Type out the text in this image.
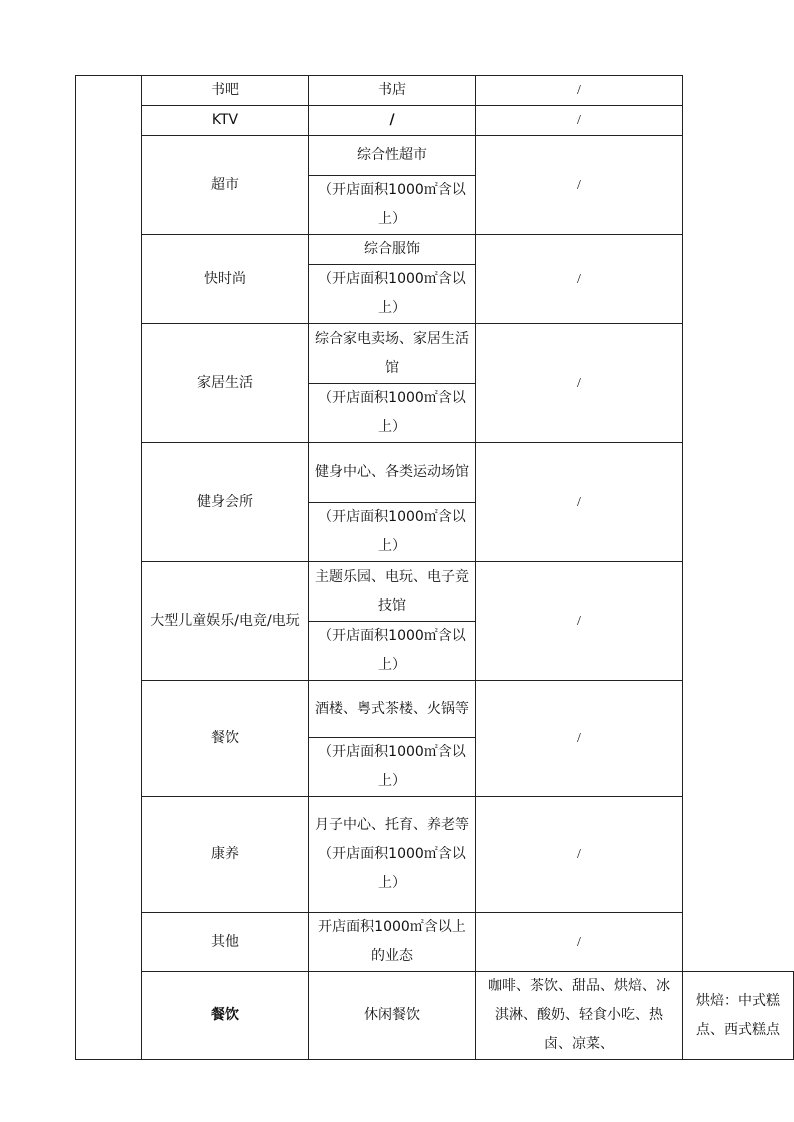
	书吧	书店	/	
	KTV	/	/	
	超市	综合性超市	/	
		（开店面积1000㎡含以上）		
	快时尚	综合服饰	/	
		（开店面积1000㎡含以上）		
	家居生活	综合家电卖场、家居生活馆	/	
		（开店面积1000㎡含以上）		
	健身会所	健身中心、各类运动场馆	/	
		（开店面积1000㎡含以上）		
	大型儿童娱乐/电竞/电玩	主题乐园、电玩、电子竞技馆	/	
		（开店面积1000㎡含以上）		
	餐饮	酒楼、粤式茶楼、火锅等	/	
		（开店面积1000㎡含以上）		
	康养	月子中心、托育、养老等（开店面积1000㎡含以上）	/	
	其他	开店面积1000㎡含以上的业态	/	
	餐饮	休闲餐饮	咖啡、茶饮、甜品、烘焙、冰淇淋、酸奶、轻食小吃、热卤、凉菜、	烘焙：中式糕点、西式糕点
